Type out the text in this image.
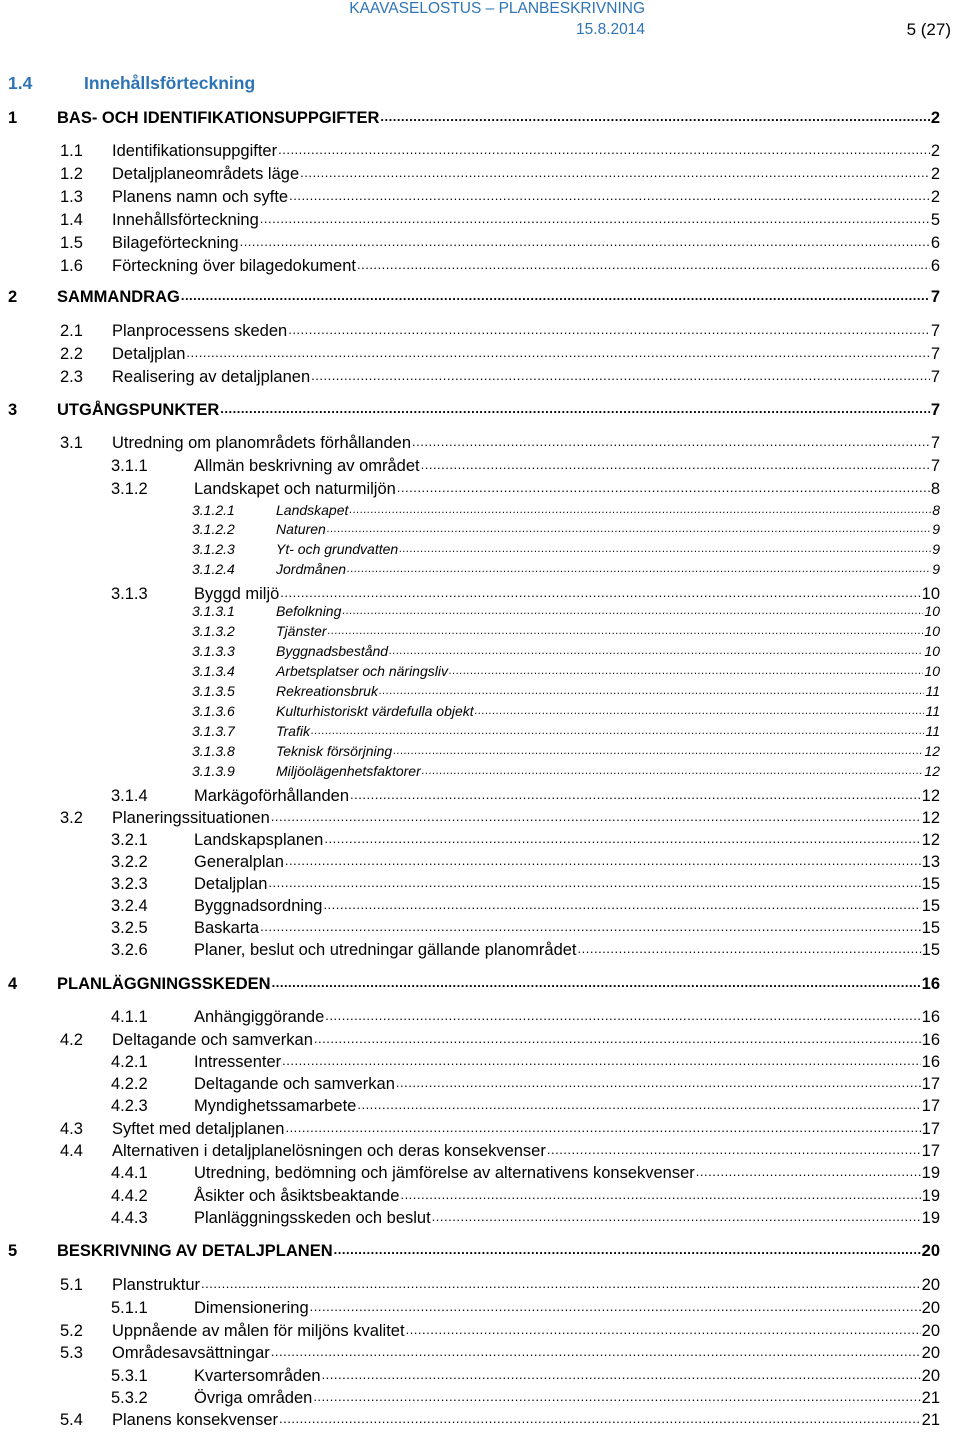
KAAVASELOSTUS – PLANBESKRIVNING
15.8.2014	5 (27)
1.4	Innehållsförteckning
1	BAS- OCH IDENTIFIKATIONSUPPGIFTER .....	2
1.1	Identifikationsuppgifter .....	2
1.2	Detaljplaneområdets läge .....	2
1.3	Planens namn och syfte .....	2
1.4	Innehållsförteckning .....	5
1.5	Bilageförteckning .....	6
1.6	Förteckning över bilagedokument .....	6
2	SAMMANDRAG .....	7
2.1	Planprocessens skeden .....	7
2.2	Detaljplan .....	7
2.3	Realisering av detaljplanen .....	7
3	UTGÅNGSPUNKTER .....	7
3.1	Utredning om planområdets förhållanden .....	7
3.1.1	Allmän beskrivning av området .....	7
3.1.2	Landskapet och naturmiljön .....	8
3.1.2.1	Landskapet .....	8
3.1.2.2	Naturen .....	9
3.1.2.3	Yt- och grundvatten .....	9
3.1.2.4	Jordmånen .....	9
3.1.3	Byggd miljö .....	10
3.1.3.1	Befolkning .....	10
3.1.3.2	Tjänster .....	10
3.1.3.3	Byggnadsbestånd .....	10
3.1.3.4	Arbetsplatser och näringsliv .....	10
3.1.3.5	Rekreationsbruk .....	11
3.1.3.6	Kulturhistoriskt värdefulla objekt .....	11
3.1.3.7	Trafik .....	11
3.1.3.8	Teknisk försörjning .....	12
3.1.3.9	Miljöolägenhetsfaktorer .....	12
3.1.4	Markägoförhållanden .....	12
3.2	Planeringssituationen .....	12
3.2.1	Landskapsplanen .....	12
3.2.2	Generalplan .....	13
3.2.3	Detaljplan .....	15
3.2.4	Byggnadsordning .....	15
3.2.5	Baskarta .....	15
3.2.6	Planer, beslut och utredningar gällande planområdet .....	15
4	PLANLÄGGNINGSSKEDEN .....	16
4.1.1	Anhängiggörande .....	16
4.2	Deltagande och samverkan .....	16
4.2.1	Intressenter .....	16
4.2.2	Deltagande och samverkan .....	17
4.2.3	Myndighetssamarbete .....	17
4.3	Syftet med detaljplanen .....	17
4.4	Alternativen i detaljplanelösningen och deras konsekvenser .....	17
4.4.1	Utredning, bedömning och jämförelse av alternativens konsekvenser .....	19
4.4.2	Åsikter och åsiktsbeaktande .....	19
4.4.3	Planläggningsskeden och beslut .....	19
5	BESKRIVNING AV DETALJPLANEN .....	20
5.1	Planstruktur .....	20
5.1.1	Dimensionering .....	20
5.2	Uppnående av målen för miljöns kvalitet .....	20
5.3	Områdesavsättningar .....	20
5.3.1	Kvartersområden .....	20
5.3.2	Övriga områden .....	21
5.4	Planens konsekvenser .....	21
